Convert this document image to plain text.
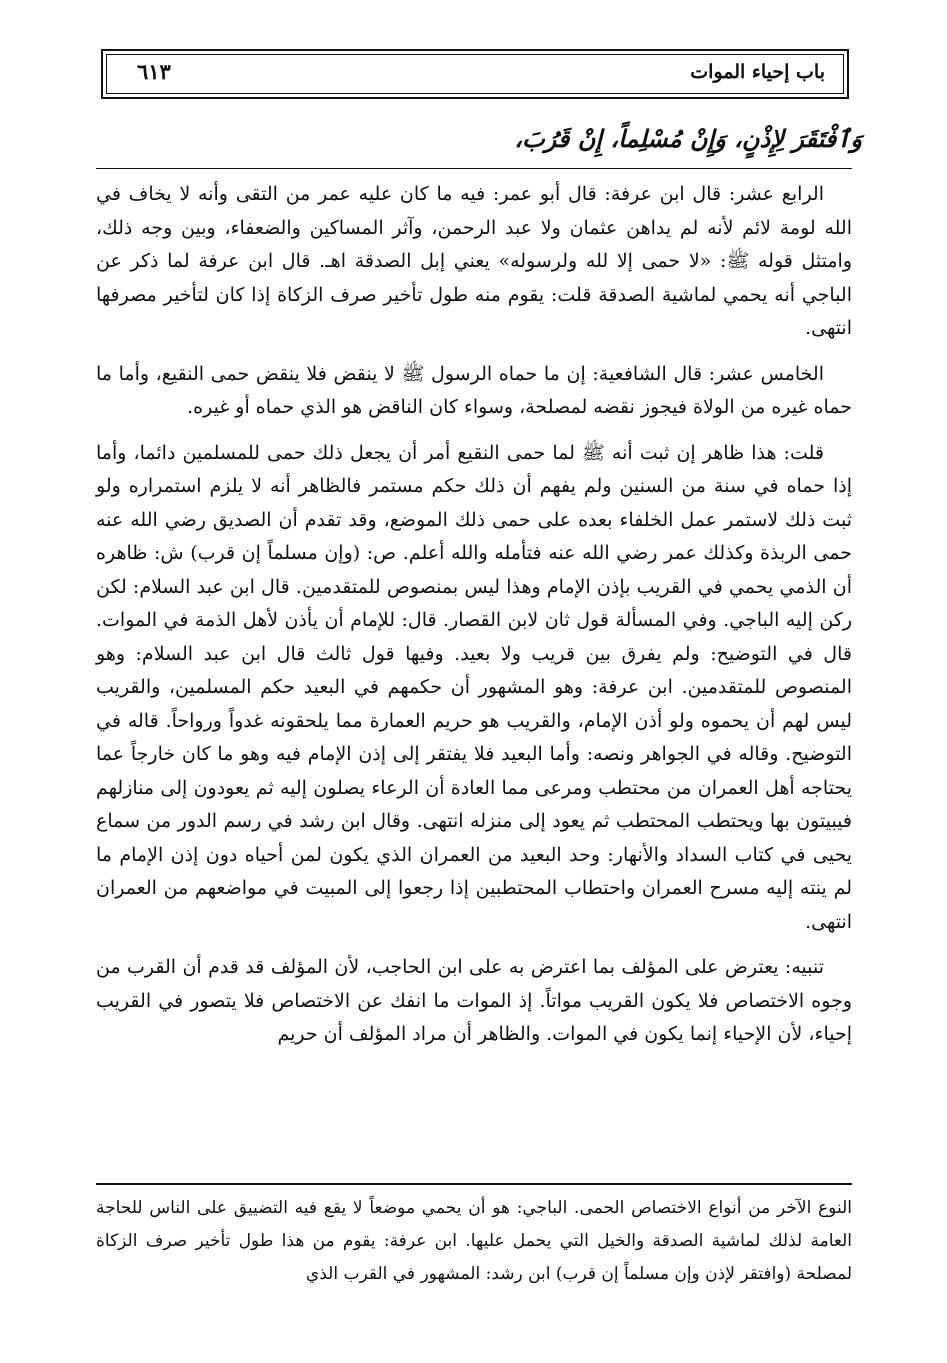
باب إحياء الموات
٦١٣
وَٱفْتَقَرَ لِإِذْنٍ، وَإِنْ مُسْلِماً، إِنْ قَرُبَ،

الرابع عشر: قال ابن عرفة: قال أبو عمر: فيه ما كان عليه عمر من التقى وأنه لا يخاف في الله لومة لائم لأنه لم يداهن عثمان ولا عبد الرحمن، وآثر المساكين والضعفاء، وبين وجه ذلك، وامتثل قوله ﷺ: «لا حمى إلا لله ولرسوله» يعني إبل الصدقة اهـ. قال ابن عرفة لما ذكر عن الباجي أنه يحمي لماشية الصدقة قلت: يقوم منه طول تأخير صرف الزكاة إذا كان لتأخير مصرفها انتهى.

الخامس عشر: قال الشافعية: إن ما حماه الرسول ﷺ لا ينقض فلا ينقض حمى النقيع، وأما ما حماه غيره من الولاة فيجوز نقضه لمصلحة، وسواء كان الناقض هو الذي حماه أو غيره.

قلت: هذا ظاهر إن ثبت أنه ﷺ لما حمى النقيع أمر أن يجعل ذلك حمى للمسلمين دائما، وأما إذا حماه في سنة من السنين ولم يفهم أن ذلك حكم مستمر فالظاهر أنه لا يلزم استمراره ولو ثبت ذلك لاستمر عمل الخلفاء بعده على حمى ذلك الموضع، وقد تقدم أن الصديق رضي الله عنه حمى الربذة وكذلك عمر رضي الله عنه فتأمله والله أعلم. ص: (وإن مسلماً إن قرب) ش: ظاهره أن الذمي يحمي في القريب بإذن الإمام وهذا ليس بمنصوص للمتقدمين. قال ابن عبد السلام: لكن ركن إليه الباجي. وفي المسألة قول ثان لابن القصار. قال: للإمام أن يأذن لأهل الذمة في الموات. قال في التوضيح: ولم يفرق بين قريب ولا بعيد. وفيها قول ثالث قال ابن عبد السلام: وهو المنصوص للمتقدمين. ابن عرفة: وهو المشهور أن حكمهم في البعيد حكم المسلمين، والقريب ليس لهم أن يحموه ولو أذن الإمام، والقريب هو حريم العمارة مما يلحقونه غدواً ورواحاً. قاله في التوضيح. وقاله في الجواهر ونصه: وأما البعيد فلا يفتقر إلى إذن الإمام فيه وهو ما كان خارجاً عما يحتاجه أهل العمران من محتطب ومرعى مما العادة أن الرعاء يصلون إليه ثم يعودون إلى منازلهم فيبيتون بها ويحتطب المحتطب ثم يعود إلى منزله انتهى. وقال ابن رشد في رسم الدور من سماع يحيى في كتاب السداد والأنهار: وحد البعيد من العمران الذي يكون لمن أحياه دون إذن الإمام ما لم ينته إليه مسرح العمران واحتطاب المحتطبين إذا رجعوا إلى المبيت في مواضعهم من العمران انتهى.

تنبيه: يعترض على المؤلف بما اعترض به على ابن الحاجب، لأن المؤلف قد قدم أن القرب من وجوه الاختصاص فلا يكون القريب مواتاً. إذ الموات ما انفك عن الاختصاص فلا يتصور في القريب إحياء، لأن الإحياء إنما يكون في الموات. والظاهر أن مراد المؤلف أن حريم

النوع الآخر من أنواع الاختصاص الحمى. الباجي: هو أن يحمي موضعاً لا يقع فيه التضييق على الناس للحاجة العامة لذلك لماشية الصدقة والخيل التي يحمل عليها. ابن عرفة: يقوم من هذا طول تأخير صرف الزكاة لمصلحة (وافتقر لإذن وإن مسلماً إن قرب) ابن رشد: المشهور في القرب الذي
